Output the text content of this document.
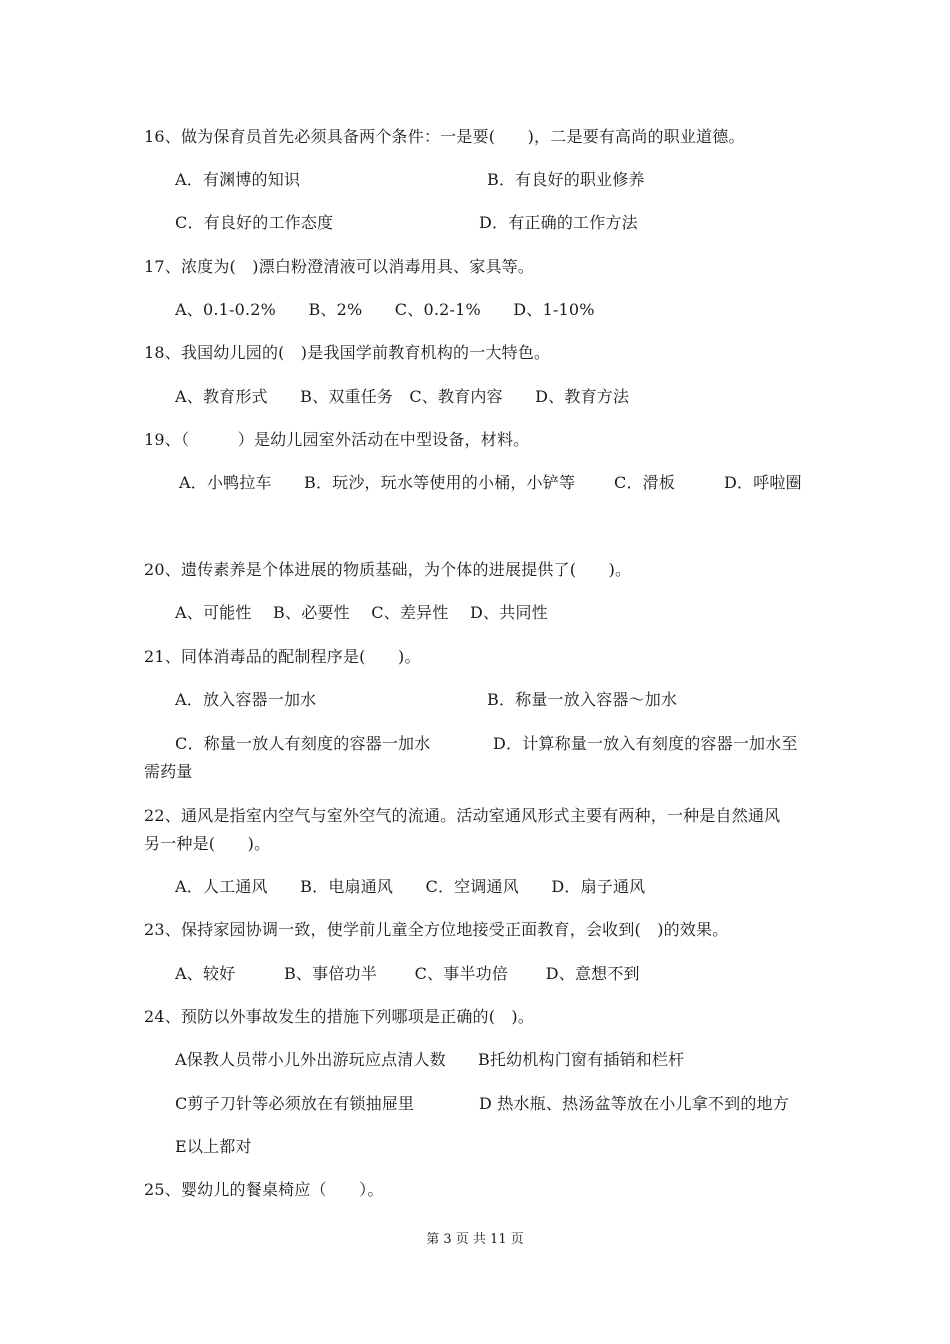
16、做为保育员首先必须具备两个条件：一是要(　　)，二是要有高尚的职业道德。
A．有渊博的知识	B．有良好的职业修养
C．有良好的工作态度	D．有正确的工作方法
17、浓度为(　)漂白粉澄清液可以消毒用具、家具等。
A、0.1-0.2%　　B、2%　　C、0.2-1%　　D、1-10%
18、我国幼儿园的(　)是我国学前教育机构的一大特色。
A、教育形式　　B、双重任务　C、教育内容　　D、教育方法
19、（　　　）是幼儿园室外活动在中型设备，材料。
A．小鸭拉车 B．玩沙，玩水等使用的小桶，小铲等 C．滑板	D．呼啦圈
20、遗传素养是个体进展的物质基础，为个体的进展提供了(　　)。
A、可能性　 B、必要性　 C、差异性　 D、共同性
21、同体消毒品的配制程序是(　　)。
A．放入容器一加水	B．称量一放入容器～加水
C．称量一放人有刻度的容器一加水	D．计算称量一放入有刻度的容器一加水至
需药量
22、通风是指室内空气与室外空气的流通。活动室通风形式主要有两种，一种是自然通风
另一种是(　　)。
A．人工通风　　B．电扇通风　　C．空调通风　　D．扇子通风
23、保持家园协调一致，使学前儿童全方位地接受正面教育，会收到(　)的效果。
A、较好　　　B、事倍功半　　 C、事半功倍　　 D、意想不到
24、预防以外事故发生的措施下列哪项是正确的(　)。
A保教人员带小儿外出游玩应点清人数 B托幼机构门窗有插销和栏杆
C剪子刀针等必须放在有锁抽屉里	D 热水瓶、热汤盆等放在小儿拿不到的地方
E以上都对
25、婴幼儿的餐桌椅应（　　）。
第 3 页 共 11 页
